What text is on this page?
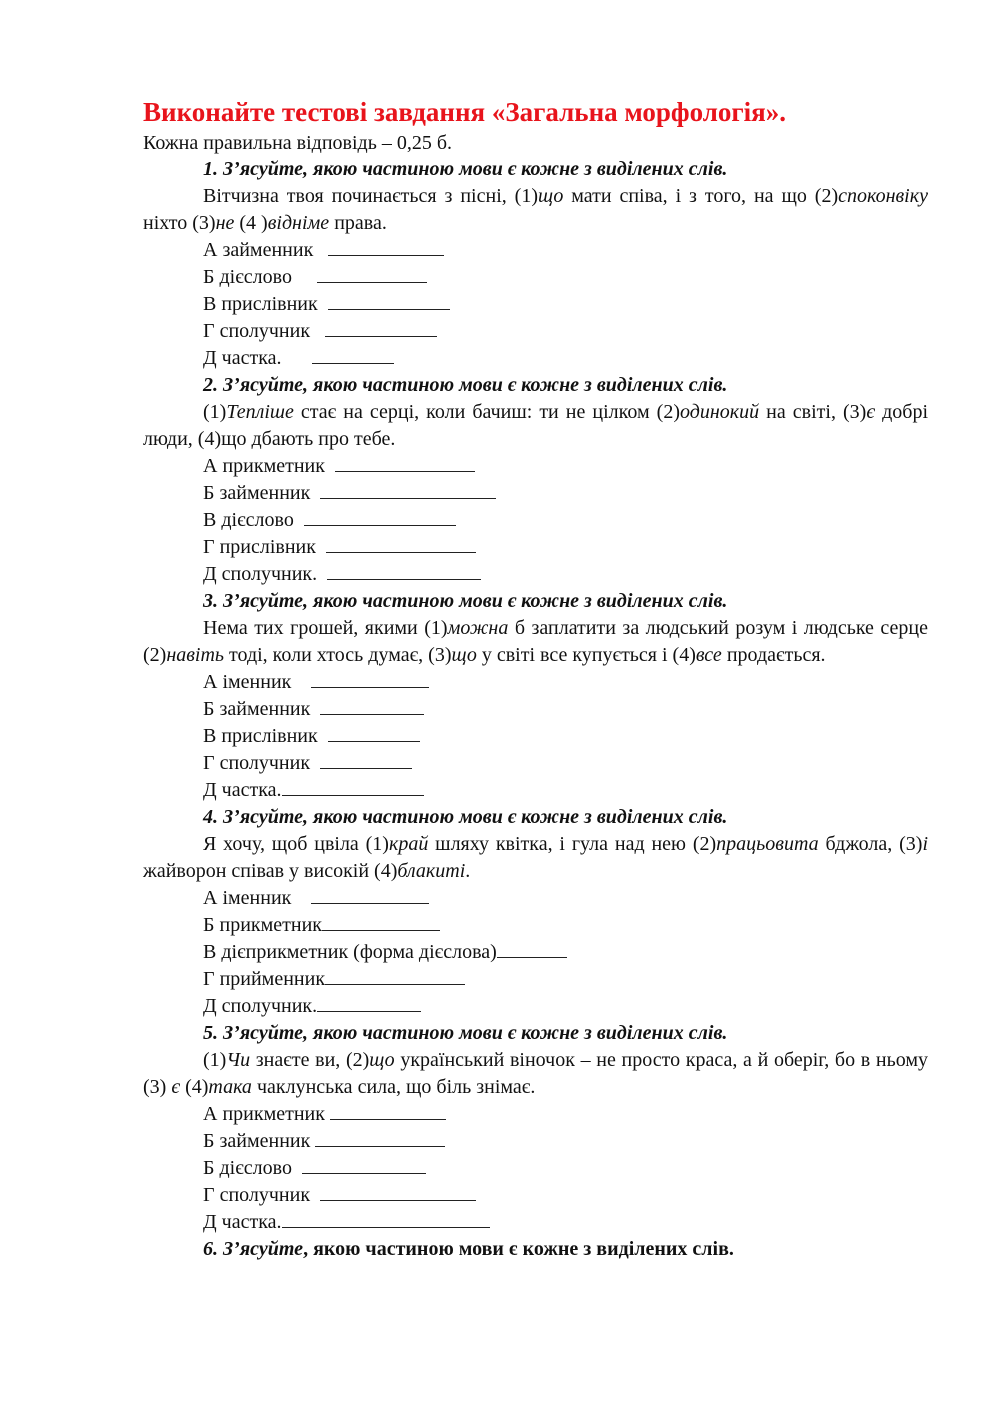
Виконайте тестові завдання «Загальна морфологія».

Кожна правильна відповідь – 0,25 б.

1. З’ясуйте, якою частиною мови є кожне з виділених слів.
Вітчизна твоя починається з пісні, (1)що мати співа, і з того, на що (2)споконвіку ніхто (3)не (4 )відніме права.
А займенник
Б дієслово
В прислівник
Г сполучник
Д частка.
2. З’ясуйте, якою частиною мови є кожне з виділених слів.
(1)Тепліше стає на серці, коли бачиш: ти не цілком (2)одинокий на світі, (3)є добрі люди, (4)що дбають про тебе.
А прикметник
Б займенник
В дієслово
Г прислівник
Д сполучник.
3. З’ясуйте, якою частиною мови є кожне з виділених слів.
Нема тих грошей, якими (1)можна б заплатити за людський розум і людське серце (2)навіть тоді, коли хтось думає, (3)що у світі все купується і (4)все продається.
А іменник
Б займенник
В прислівник
Г сполучник
Д частка.
4. З’ясуйте, якою частиною мови є кожне з виділених слів.
Я хочу, щоб цвіла (1)край шляху квітка, і гула над нею (2)працьовита бджола, (3)і жайворон співав у високій (4)блакиті.
А іменник
Б прикметник
В дієприкметник (форма дієслова)
Г прийменник
Д сполучник.
5. З’ясуйте, якою частиною мови є кожне з виділених слів.
(1)Чи знаєте ви, (2)що український віночок – не просто краса, а й оберіг, бо в ньому (3) є (4)така чаклунська сила, що біль знімає.
А прикметник
Б займенник
Б дієслово
Г сполучник
Д частка.
6. З’ясуйте, якою частиною мови є кожне з виділених слів.
